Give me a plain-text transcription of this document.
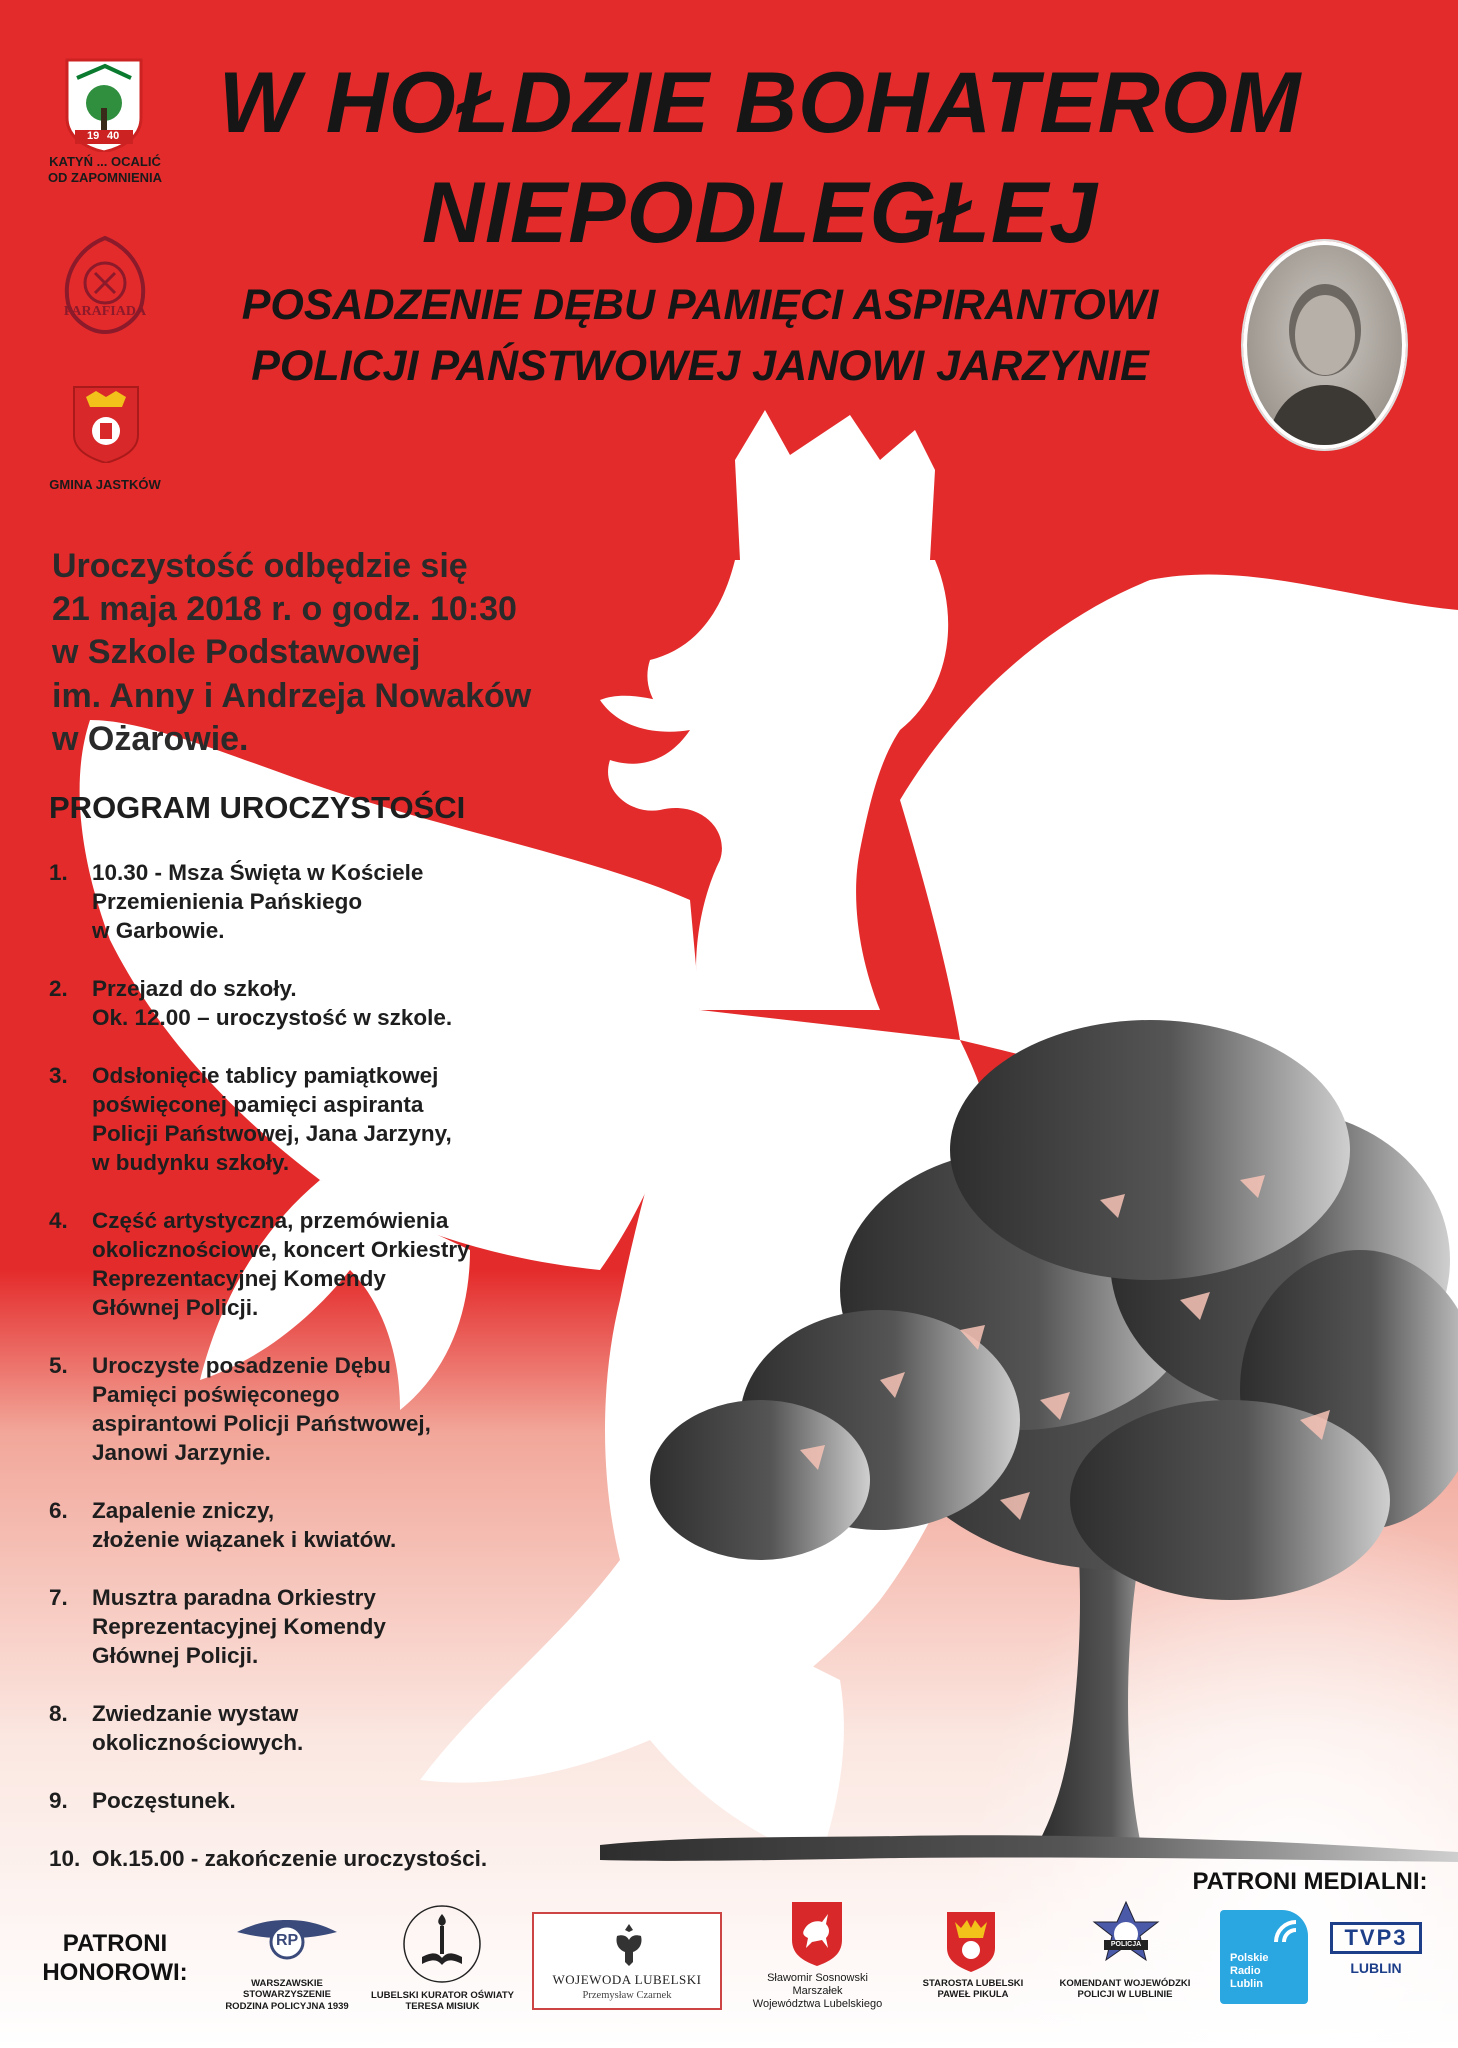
W HOŁDZIE BOHATEROM
NIEPODLEGŁEJ
POSADZENIE DĘBU PAMIĘCI ASPIRANTOWI
POLICJI PAŃSTWOWEJ JANOWI JARZYNIE
19 40
KATYŃ ... OCALIĆ
OD ZAPOMNIENIA
PARAFIADA
GMINA JASTKÓW
Uroczystość odbędzie się
21 maja 2018 r. o godz. 10:30
w Szkole Podstawowej
im. Anny i Andrzeja Nowaków
w Ożarowie.
PROGRAM UROCZYSTOŚCI
1. 10.30 - Msza Święta w Kościele
Przemienienia Pańskiego
w Garbowie.
2. Przejazd do szkoły.
Ok. 12.00 – uroczystość w szkole.
3. Odsłonięcie tablicy pamiątkowej
poświęconej pamięci aspiranta
Policji Państwowej, Jana Jarzyny,
w budynku szkoły.
4. Część artystyczna, przemówienia
okolicznościowe, koncert Orkiestry
Reprezentacyjnej Komendy
Głównej Policji.
5. Uroczyste posadzenie Dębu
Pamięci poświęconego
aspirantowi Policji Państwowej,
Janowi Jarzynie.
6. Zapalenie zniczy,
złożenie wiązanek i kwiatów.
7. Musztra paradna Orkiestry
Reprezentacyjnej Komendy
Głównej Policji.
8. Zwiedzanie wystaw
okolicznościowych.
9. Poczęstunek.
10. Ok.15.00 - zakończenie uroczystości.
PATRONI
HONOROWI:
PATRONI MEDIALNI:
RP
WARSZAWSKIE
STOWARZYSZENIE
RODZINA POLICYJNA 1939
LUBELSKI KURATOR OŚWIATY
TERESA MISIUK
WOJEWODA LUBELSKI
Przemysław Czarnek
Sławomir Sosnowski
Marszałek
Województwa Lubelskiego
STAROSTA LUBELSKI
PAWEŁ PIKULA
POLICJA
KOMENDANT WOJEWÓDZKI
POLICJI W LUBLINIE
Polskie
Radio
Lublin
TVP3
LUBLIN
